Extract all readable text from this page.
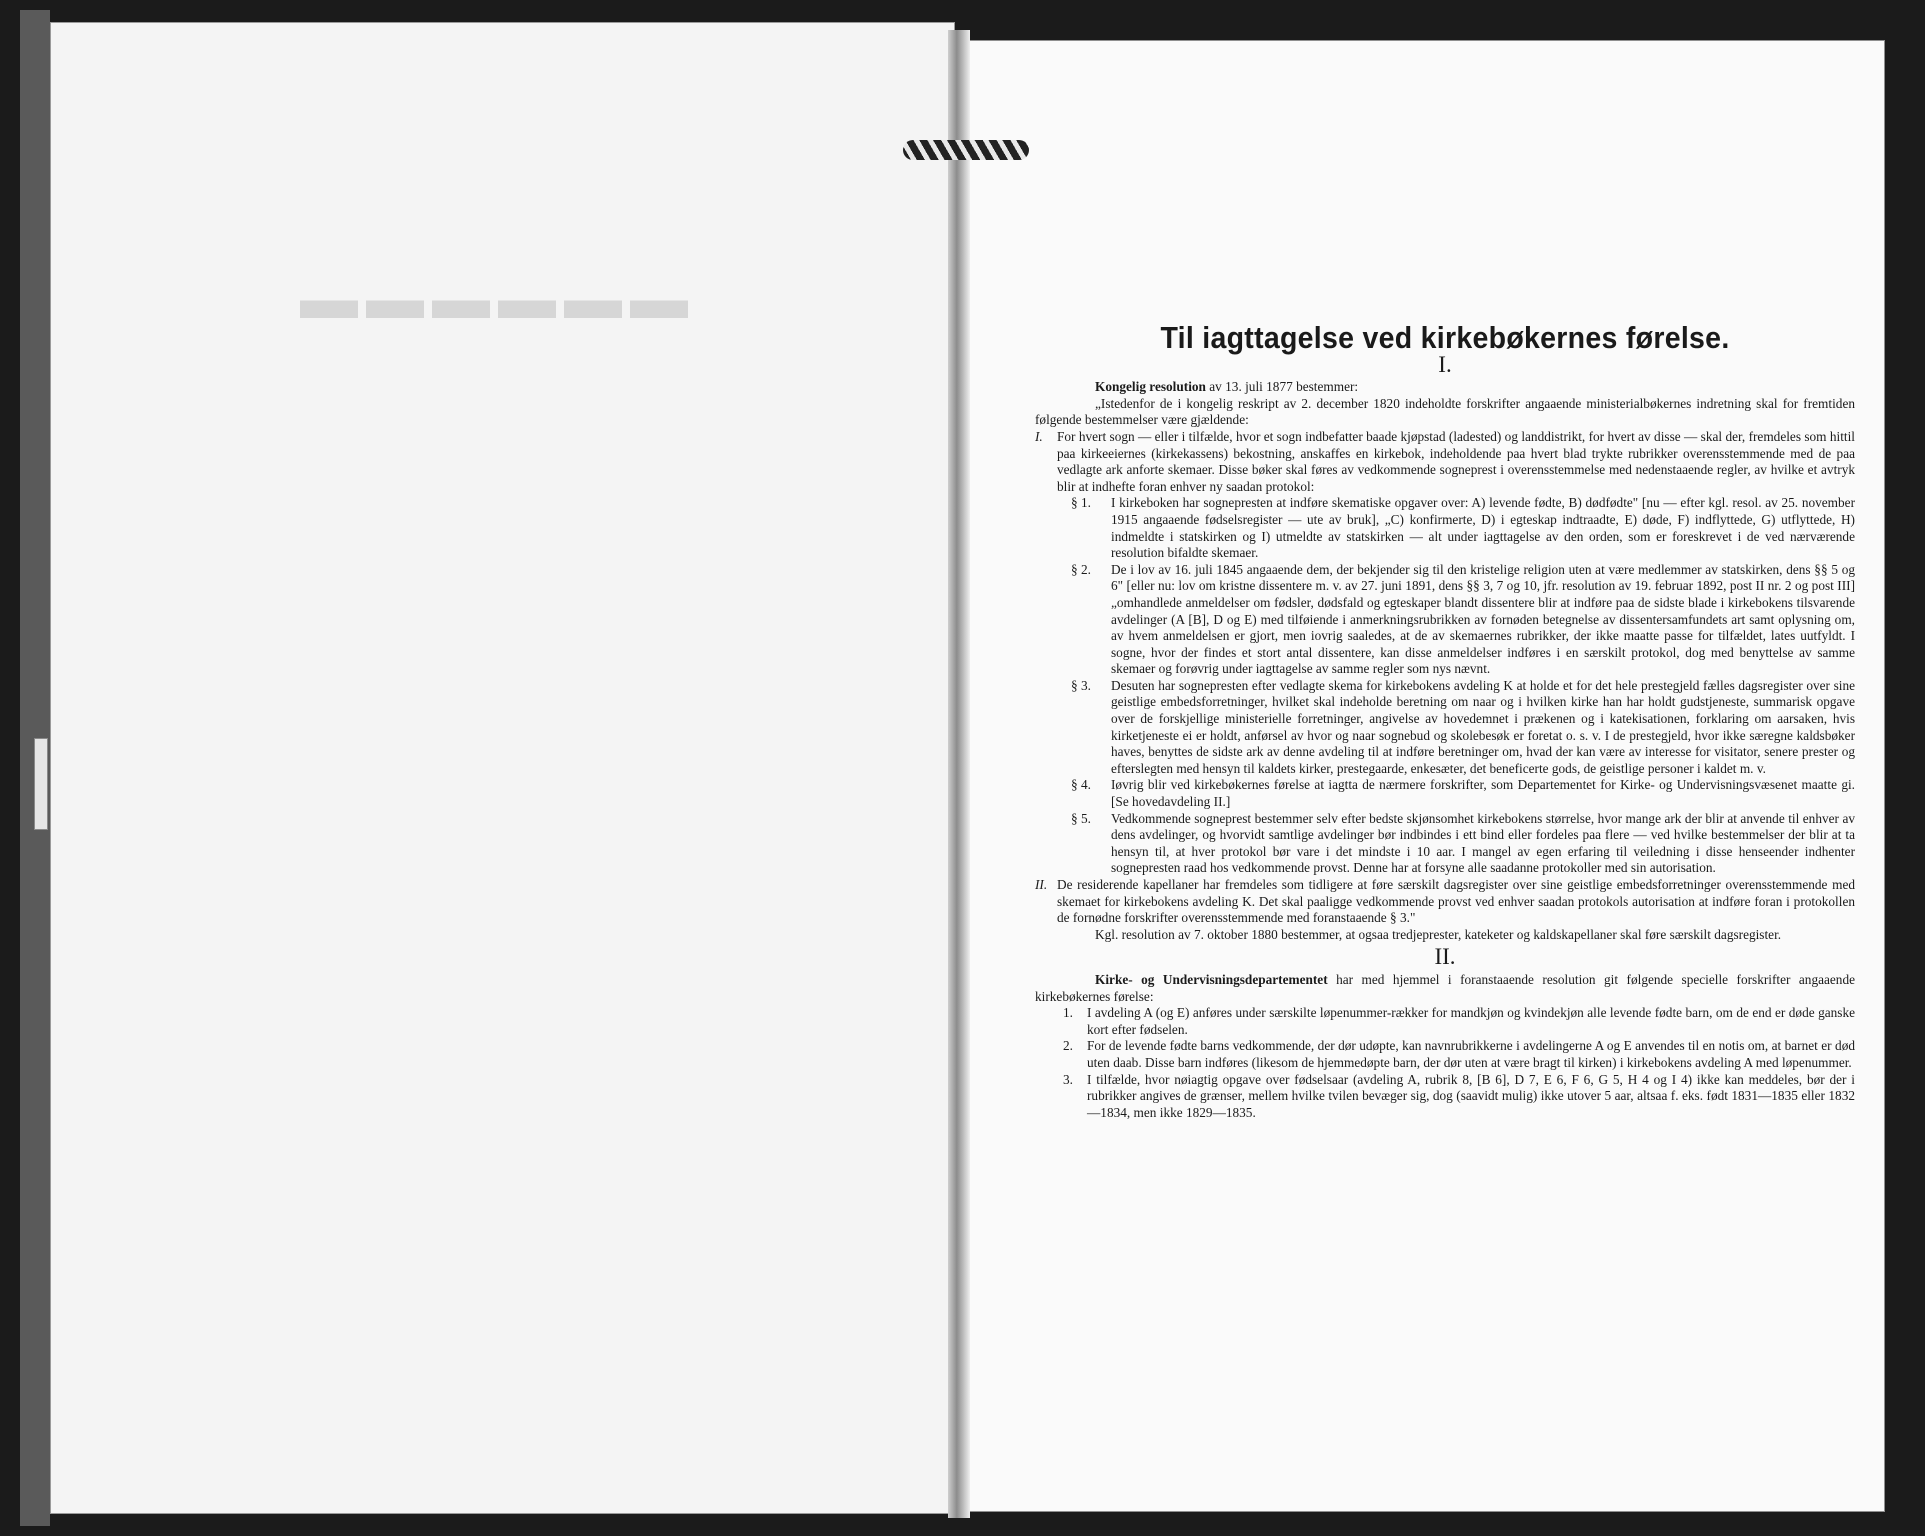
▬▬▬▬▬▬
Til iagttagelse ved kirkebøkernes førelse.
I.

Kongelig resolution av 13. juli 1877 bestemmer:

„Istedenfor de i kongelig reskript av 2. december 1820 indeholdte forskrifter angaaende ministerialbøkernes indretning skal for fremtiden følgende bestemmelser være gjældende:

I.	For hvert sogn — eller i tilfælde, hvor et sogn indbefatter baade kjøpstad (ladested) og landdistrikt, for hvert av disse — skal der, fremdeles som hittil paa kirkeeiernes (kirkekassens) bekostning, anskaffes en kirkebok, indeholdende paa hvert blad trykte rubrikker overensstemmende med de paa vedlagte ark anforte skemaer. Disse bøker skal føres av vedkommende sogneprest i overensstemmelse med nedenstaaende regler, av hvilke et avtryk blir at indhefte foran enhver ny saadan protokol:

§ 1.	I kirkeboken har sognepresten at indføre skematiske opgaver over: A) levende fødte, B) dødfødte" [nu — efter kgl. resol. av 25. november 1915 angaaende fødselsregister — ute av bruk], „C) konfirmerte, D) i egteskap indtraadte, E) døde, F) indflyttede, G) utflyttede, H) indmeldte i statskirken og I) utmeldte av statskirken — alt under iagttagelse av den orden, som er foreskrevet i de ved nærværende resolution bifaldte skemaer.

§ 2.	De i lov av 16. juli 1845 angaaende dem, der bekjender sig til den kristelige religion uten at være medlemmer av statskirken, dens §§ 5 og 6" [eller nu: lov om kristne dissentere m. v. av 27. juni 1891, dens §§ 3, 7 og 10, jfr. resolution av 19. februar 1892, post II nr. 2 og post III] „omhandlede anmeldelser om fødsler, dødsfald og egteskaper blandt dissentere blir at indføre paa de sidste blade i kirkebokens tilsvarende avdelinger (A [B], D og E) med tilføiende i anmerkningsrubrikken av fornøden betegnelse av dissentersamfundets art samt oplysning om, av hvem anmeldelsen er gjort, men iovrig saaledes, at de av skemaernes rubrikker, der ikke maatte passe for tilfældet, lates uutfyldt. I sogne, hvor der findes et stort antal dissentere, kan disse anmeldelser indføres i en særskilt protokol, dog med benyttelse av samme skemaer og forøvrig under iagttagelse av samme regler som nys nævnt.

§ 3.	Desuten har sognepresten efter vedlagte skema for kirkebokens avdeling K at holde et for det hele prestegjeld fælles dagsregister over sine geistlige embedsforretninger, hvilket skal indeholde beretning om naar og i hvilken kirke han har holdt gudstjeneste, summarisk opgave over de forskjellige ministerielle forretninger, angivelse av hovedemnet i prækenen og i katekisationen, forklaring om aarsaken, hvis kirketjeneste ei er holdt, anførsel av hvor og naar sognebud og skolebesøk er foretat o. s. v. I de prestegjeld, hvor ikke særegne kaldsbøker haves, benyttes de sidste ark av denne avdeling til at indføre beretninger om, hvad der kan være av interesse for visitator, senere prester og efterslegten med hensyn til kaldets kirker, prestegaarde, enkesæter, det beneficerte gods, de geistlige personer i kaldet m. v.

§ 4.	Iøvrig blir ved kirkebøkernes førelse at iagtta de nærmere forskrifter, som Departementet for Kirke- og Undervisningsvæsenet maatte gi. [Se hovedavdeling II.]

§ 5.	Vedkommende sogneprest bestemmer selv efter bedste skjønsomhet kirkebokens størrelse, hvor mange ark der blir at anvende til enhver av dens avdelinger, og hvorvidt samtlige avdelinger bør indbindes i ett bind eller fordeles paa flere — ved hvilke bestemmelser der blir at ta hensyn til, at hver protokol bør vare i det mindste i 10 aar. I mangel av egen erfaring til veiledning i disse henseender indhenter sognepresten raad hos vedkommende provst. Denne har at forsyne alle saadanne protokoller med sin autorisation.

II. De residerende kapellaner har fremdeles som tidligere at føre særskilt dagsregister over sine geistlige embedsforretninger overensstemmende med skemaet for kirkebokens avdeling K. Det skal paaligge vedkommende provst ved enhver saadan protokols autorisation at indføre foran i protokollen de fornødne forskrifter overensstemmende med foranstaaende § 3."

Kgl. resolution av 7. oktober 1880 bestemmer, at ogsaa tredjeprester, kateketer og kaldskapellaner skal føre særskilt dagsregister.

II.

Kirke- og Undervisningsdepartementet har med hjemmel i foranstaaende resolution git følgende specielle forskrifter angaaende kirkebøkernes førelse:

1.	I avdeling A (og E) anføres under særskilte løpenummer-rækker for mandkjøn og kvindekjøn alle levende fødte barn, om de end er døde ganske kort efter fødselen.

2.	For de levende fødte barns vedkommende, der dør udøpte, kan navnrubrikkerne i avdelingerne A og E anvendes til en notis om, at barnet er død uten daab. Disse barn indføres (likesom de hjemmedøpte barn, der dør uten at være bragt til kirken) i kirkebokens avdeling A med løpenummer.

3.	I tilfælde, hvor nøiagtig opgave over fødselsaar (avdeling A, rubrik 8, [B 6], D 7, E 6, F 6, G 5, H 4 og I 4) ikke kan meddeles, bør der i rubrikker angives de grænser, mellem hvilke tvilen bevæger sig, dog (saavidt mulig) ikke utover 5 aar, altsaa f. eks. født 1831—1835 eller 1832—1834, men ikke 1829—1835.
